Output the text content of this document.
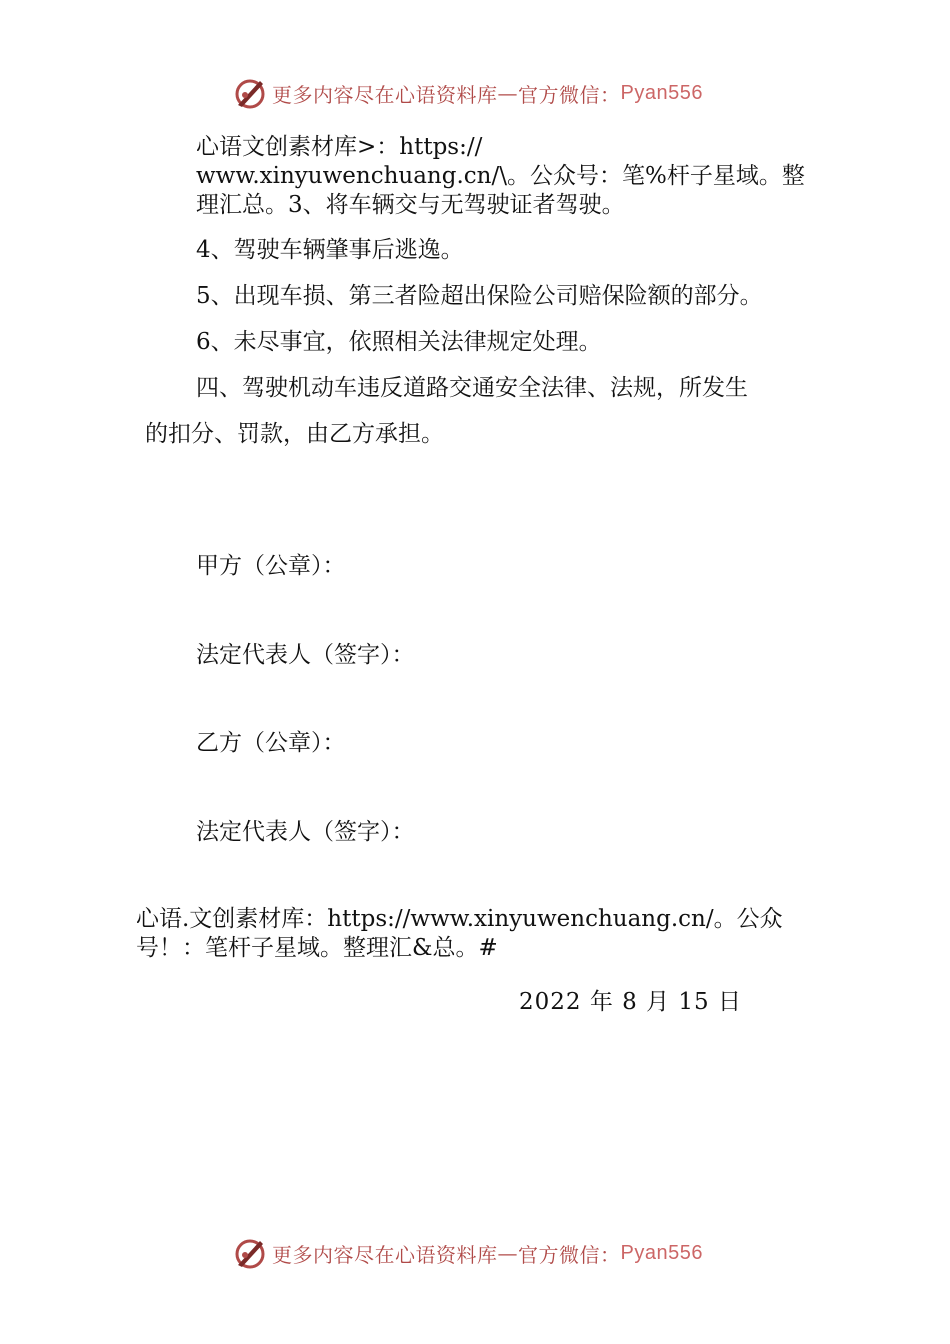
更多内容尽在心语资料库 — 官方微信： Pyan556

心语文创素材库>：https://

www.xinyuwenchuang.cn/\。公众号：笔%杆子星域。整

理汇总。3、将车辆交与无驾驶证者驾驶。

4、驾驶车辆肇事后逃逸。

5、出现车损、第三者险超出保险公司赔保险额的部分。

6、未尽事宜，依照相关法律规定处理。

四、驾驶机动车违反道路交通安全法律、法规，所发生

的扣分、罚款，由乙方承担。

甲方（公章）：

法定代表人（签字）：

乙方（公章）：

法定代表人（签字）：

心语.文创素材库：https://www.xinyuwenchuang.cn/。公众

号！：笔杆子星域。整理汇&总。#

2022 年 8 月 15 日
更多内容尽在心语资料库 — 官方微信： Pyan556
